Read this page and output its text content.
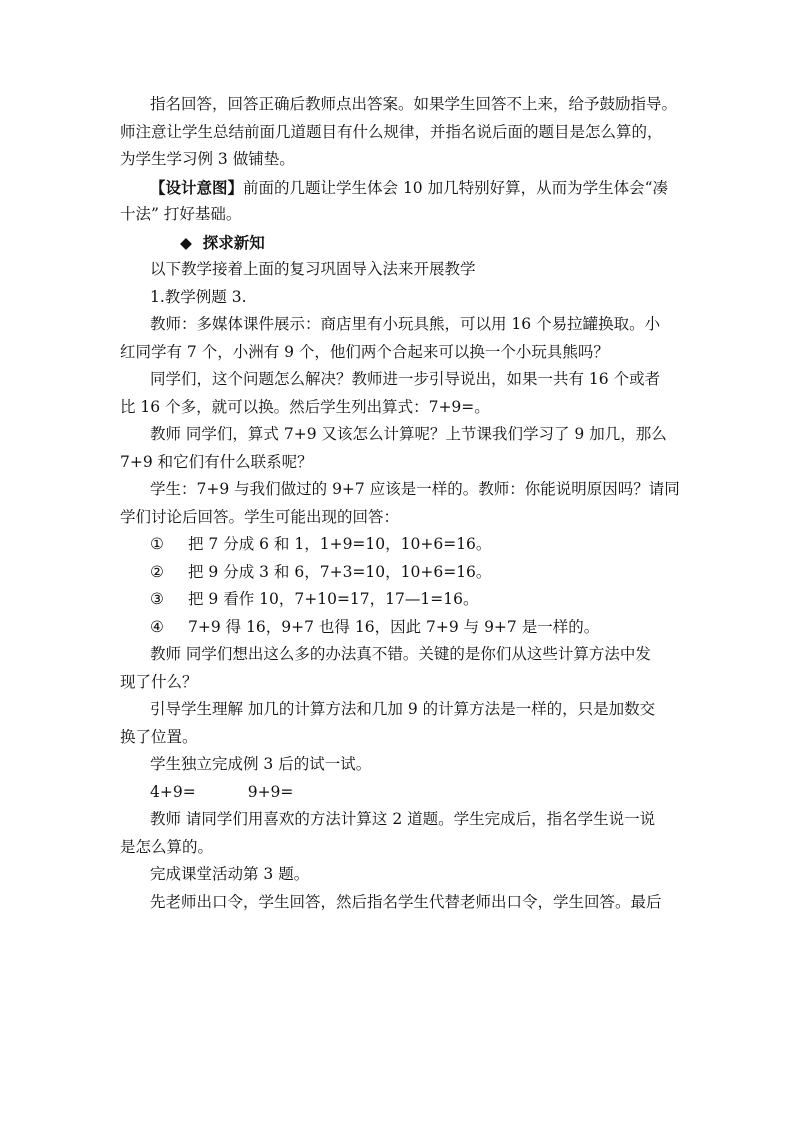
指名回答，回答正确后教师点出答案。如果学生回答不上来，给予鼓励指导。
师注意让学生总结前面几道题目有什么规律，并指名说后面的题目是怎么算的，
为学生学习例 3 做铺垫。
【设计意图】前面的几题让学生体会 10 加几特别好算，从而为学生体会“凑
十法” 打好基础。
◆ 探求新知
以下教学接着上面的复习巩固导入法来开展教学
1.教学例题 3.
教师：多媒体课件展示：商店里有小玩具熊，可以用 16 个易拉罐换取。小
红同学有 7 个，小洲有 9 个，他们两个合起来可以换一个小玩具熊吗？
同学们，这个问题怎么解决？教师进一步引导说出，如果一共有 16 个或者
比 16 个多，就可以换。然后学生列出算式：7+9=。
教师 同学们，算式 7+9 又该怎么计算呢？上节课我们学习了 9 加几，那么
7+9 和它们有什么联系呢？
学生：7+9 与我们做过的 9+7 应该是一样的。教师：你能说明原因吗？请同
学们讨论后回答。学生可能出现的回答：
① 把 7 分成 6 和 1，1+9=10，10+6=16。
② 把 9 分成 3 和 6，7+3=10，10+6=16。
③ 把 9 看作 10，7+10=17，17—1=16。
④ 7+9 得 16，9+7 也得 16，因此 7+9 与 9+7 是一样的。
教师 同学们想出这么多的办法真不错。关键的是你们从这些计算方法中发
现了什么？
引导学生理解 加几的计算方法和几加 9 的计算方法是一样的，只是加数交
换了位置。
学生独立完成例 3 后的试一试。
4+9=	9+9=
教师 请同学们用喜欢的方法计算这 2 道题。学生完成后，指名学生说一说
是怎么算的。
完成课堂活动第 3 题。
先老师出口令，学生回答，然后指名学生代替老师出口令，学生回答。最后
